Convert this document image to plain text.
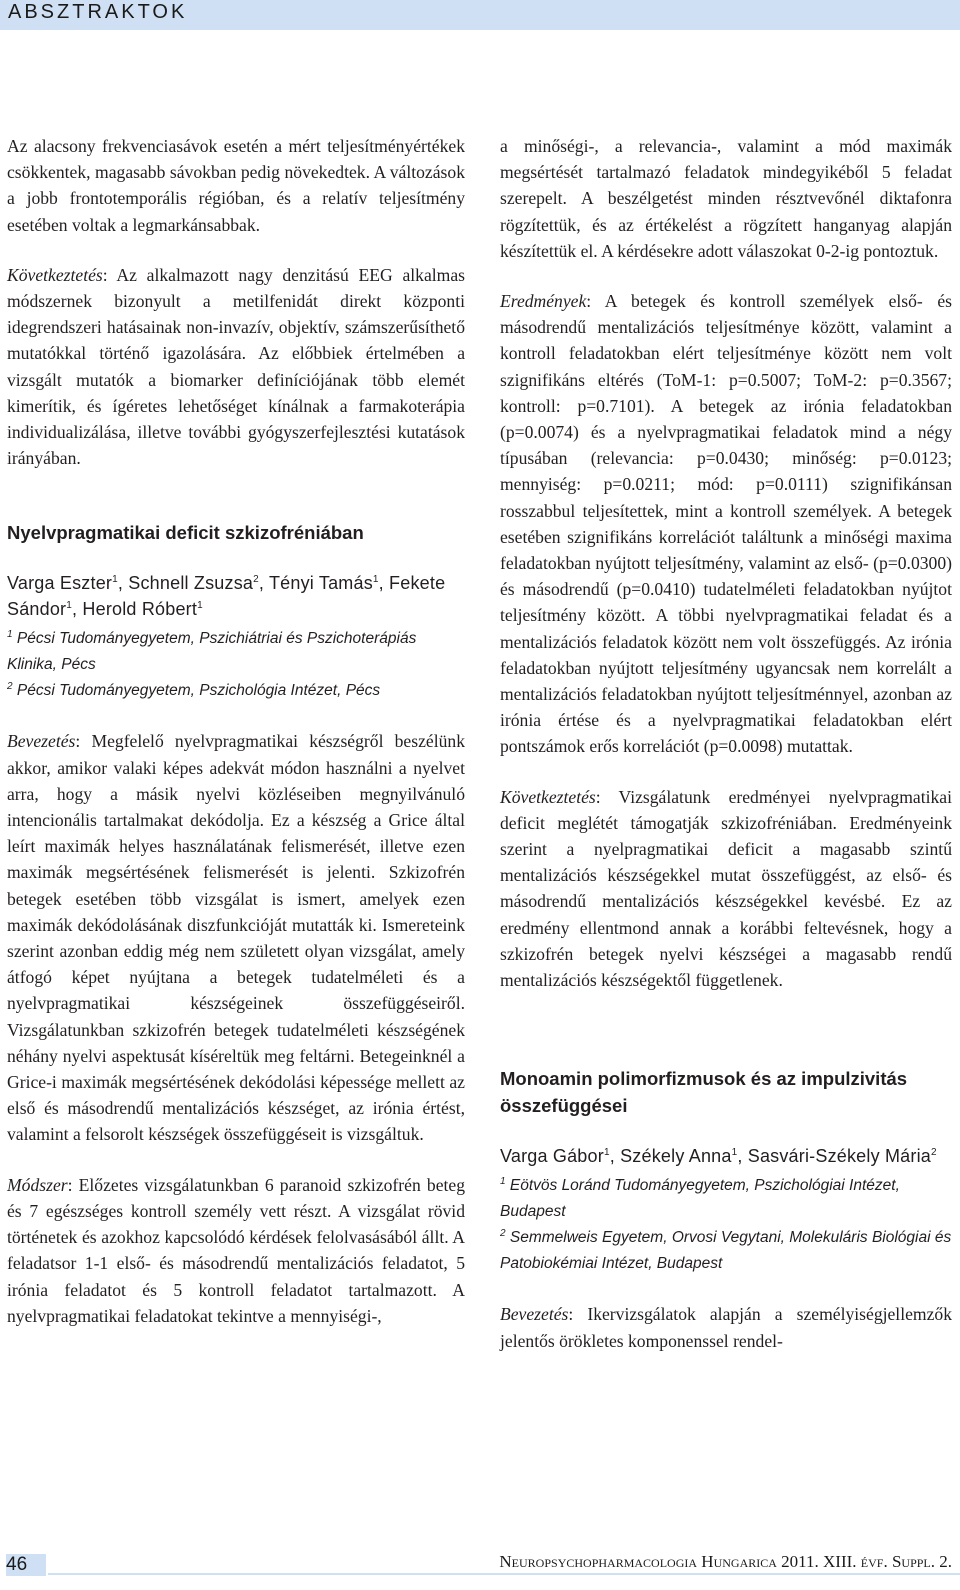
ABSZTRAKTOK

Az alacsony frekvenciasávok esetén a mért teljesítményértékek csökkentek, magasabb sávokban pedig növekedtek. A változások a jobb frontotemporális régióban, és a relatív teljesítmény esetében voltak a legmarkánsabbak.

Következtetés: Az alkalmazott nagy denzitású EEG alkalmas módszernek bizonyult a metilfenidát direkt központi idegrendszeri hatásainak non-invazív, objektív, számszerűsíthető mutatókkal történő igazolására. Az előbbiek értelmében a vizsgált mutatók a biomarker definíciójának több elemét kimerítik, és ígéretes lehetőséget kínálnak a farmakoterápia individualizálása, illetve további gyógyszerfejlesztési kutatások irányában.

Nyelvpragmatikai deficit szkizofréniában
Varga Eszter$^1$, Schnell Zsuzsa$^2$, Tényi Tamás$^1$, Fekete Sándor$^1$, Herold Róbert$^1$

$^1$ Pécsi Tudományegyetem, Pszichiátriai és Pszichoterápiás Klinika, Pécs

$^2$ Pécsi Tudományegyetem, Pszichológia Intézet, Pécs

Bevezetés: Megfelelő nyelvpragmatikai készségről beszélünk akkor, amikor valaki képes adekvát módon használni a nyelvet arra, hogy a másik nyelvi közléseiben megnyilvánuló intencionális tartalmakat dekódolja. Ez a készség a Grice által leírt maximák helyes használatának felismerését, illetve ezen maximák megsértésének felismerését is jelenti. Szkizofrén betegek esetében több vizsgálat is ismert, amelyek ezen maximák dekódolásának diszfunkcióját mutatták ki. Ismereteink szerint azonban eddig még nem született olyan vizsgálat, amely átfogó képet nyújtana a betegek tudatelméleti és a nyelvpragmatikai készségeinek összefüggéseiről. Vizsgálatunkban szkizofrén betegek tudatelméleti készségének néhány nyelvi aspektusát kíséreltük meg feltárni. Betegeinknél a Grice-i maximák megsértésének dekódolási képessége mellett az első és másodrendű mentalizációs készséget, az irónia értést, valamint a felsorolt készségek összefüggéseit is vizsgáltuk.

Módszer: Előzetes vizsgálatunkban 6 paranoid szkizofrén beteg és 7 egészséges kontroll személy vett részt. A vizsgálat rövid történetek és azokhoz kapcsolódó kérdések felolvasásából állt. A feladatsor 1-1 első- és másodrendű mentalizációs feladatot, 5 irónia feladatot és 5 kontroll feladatot tartalmazott. A nyelvpragmatikai feladatokat tekintve a mennyiségi-,

a minőségi-, a relevancia-, valamint a mód maximák megsértését tartalmazó feladatok mindegyikéből 5 feladat szerepelt. A beszélgetést minden résztvevőnél diktafonra rögzítettük, és az értékelést a rögzített hanganyag alapján készítettük el. A kérdésekre adott válaszokat 0-2-ig pontoztuk.

Eredmények: A betegek és kontroll személyek első- és másodrendű mentalizációs teljesítménye között, valamint a kontroll feladatokban elért teljesítménye között nem volt szignifikáns eltérés (ToM-1: p=0.5007; ToM-2: p=0.3567; kontroll: p=0.7101). A betegek az irónia feladatokban (p=0.0074) és a nyelvpragmatikai feladatok mind a négy típusában (relevancia: p=0.0430; minőség: p=0.0123; mennyiség: p=0.0211; mód: p=0.0111) szignifikánsan rosszabbul teljesítettek, mint a kontroll személyek. A betegek esetében szignifikáns korrelációt találtunk a minőségi maxima feladatokban nyújtott teljesítmény, valamint az első- (p=0.0300) és másodrendű (p=0.0410) tudatelméleti feladatokban nyújtot teljesítmény között. A többi nyelvpragmatikai feladat és a mentalizációs feladatok között nem volt összefüggés. Az irónia feladatokban nyújtott teljesítmény ugyancsak nem korrelált a mentalizációs feladatokban nyújtott teljesítménnyel, azonban az irónia értése és a nyelvpragmatikai feladatokban elért pontszámok erős korrelációt (p=0.0098) mutattak.

Következtetés: Vizsgálatunk eredményei nyelvpragmatikai deficit meglétét támogatják szkizofréniában. Eredményeink szerint a nyelpragmatikai deficit a magasabb szintű mentalizációs készségekkel mutat összefüggést, az első- és másodrendű mentalizációs készségekkel kevésbé. Ez az eredmény ellentmond annak a korábbi feltevésnek, hogy a szkizofrén betegek nyelvi készségei a magasabb rendű mentalizációs készségektől függetlenek.

Monoamin polimorfizmusok és az impulzivitás összefüggései
Varga Gábor$^1$, Székely Anna$^1$, Sasvári-Székely Mária$^2$

$^1$ Eötvös Loránd Tudományegyetem, Pszichológiai Intézet, Budapest

$^2$ Semmelweis Egyetem, Orvosi Vegytani, Molekuláris Biológiai és Patobiokémiai Intézet, Budapest

Bevezetés: Ikervizsgálatok alapján a személyiségjellemzők jelentős örökletes komponenssel rendel-

46	Neuropsychopharmacologia Hungarica 2011. XIII. évf. Suppl. 2.
